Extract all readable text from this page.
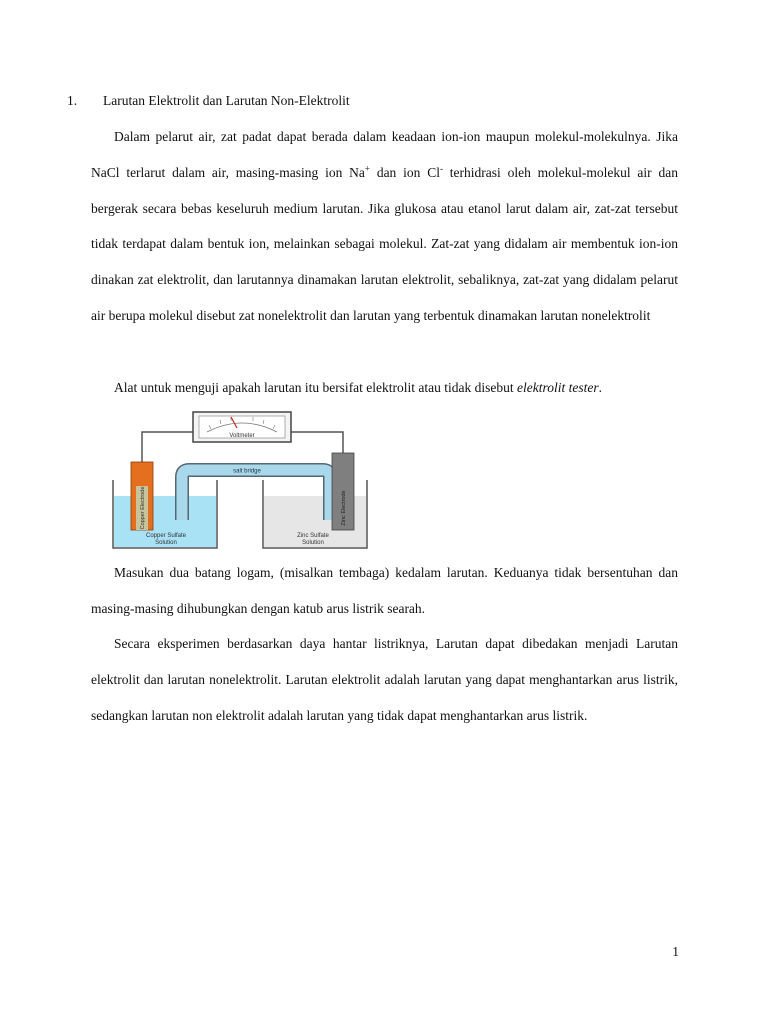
1. Larutan Elektrolit dan Larutan Non-Elektrolit

Dalam pelarut air, zat padat dapat berada dalam keadaan ion-ion maupun molekul-molekulnya. Jika NaCl terlarut dalam air, masing-masing ion Na+ dan ion Cl- terhidrasi oleh molekul-molekul air dan bergerak secara bebas keseluruh medium larutan. Jika glukosa atau etanol larut dalam air, zat-zat tersebut tidak terdapat dalam bentuk ion, melainkan sebagai molekul. Zat-zat yang didalam air membentuk ion-ion dinakan zat elektrolit, dan larutannya dinamakan larutan elektrolit, sebaliknya, zat-zat yang didalam pelarut air berupa molekul disebut zat nonelektrolit dan larutan yang terbentuk dinamakan larutan nonelektrolit

Alat untuk menguji apakah larutan itu bersifat elektrolit atau tidak disebut elektrolit tester.

Voltmeter
salt bridge
Copper Electrode	Zinc Electrode
Copper Sulfate
Solution
Zinc Sulfate
Solution

Masukan dua batang logam, (misalkan tembaga) kedalam larutan. Keduanya tidak bersentuhan dan masing-masing dihubungkan dengan katub arus listrik searah.

Secara eksperimen berdasarkan daya hantar listriknya, Larutan dapat dibedakan menjadi Larutan elektrolit dan larutan nonelektrolit. Larutan elektrolit adalah larutan yang dapat menghantarkan arus listrik, sedangkan larutan non elektrolit adalah larutan yang tidak dapat menghantarkan arus listrik.

1
